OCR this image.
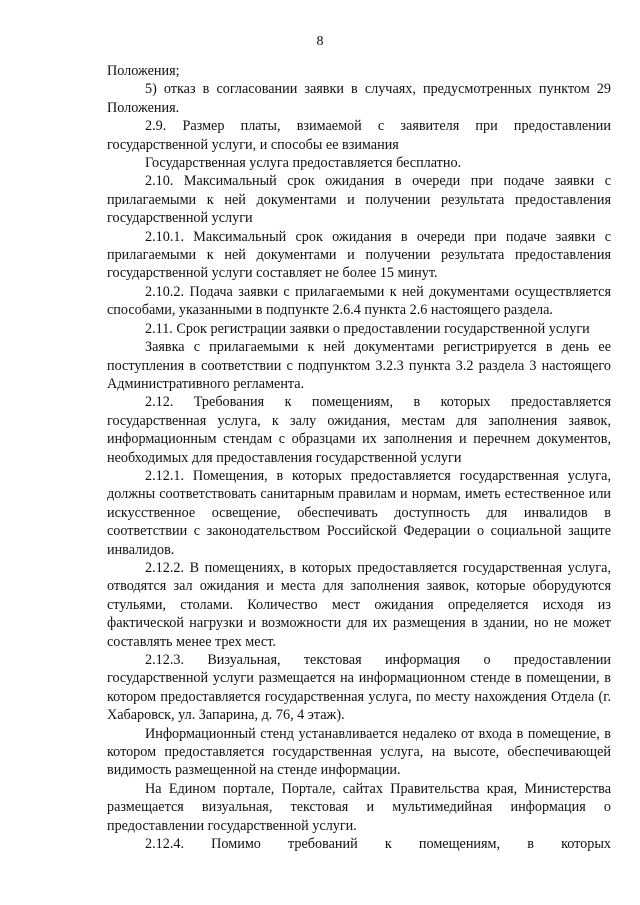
8

Положения;

5) отказ в согласовании заявки в случаях, предусмотренных пунктом 29 Положения.

2.9. Размер платы, взимаемой с заявителя при предоставлении государственной услуги, и способы ее взимания

Государственная услуга предоставляется бесплатно.

2.10. Максимальный срок ожидания в очереди при подаче заявки с прилагаемыми к ней документами и получении результата предоставления государственной услуги

2.10.1. Максимальный срок ожидания в очереди при подаче заявки с прилагаемыми к ней документами и получении результата предоставления государственной услуги составляет не более 15 минут.

2.10.2. Подача заявки с прилагаемыми к ней документами осуществляется способами, указанными в подпункте 2.6.4 пункта 2.6 настоящего раздела.

2.11. Срок регистрации заявки о предоставлении государственной услуги

Заявка с прилагаемыми к ней документами регистрируется в день ее поступления в соответствии с подпунктом 3.2.3 пункта 3.2 раздела 3 настоящего Административного регламента.

2.12. Требования к помещениям, в которых предоставляется государственная услуга, к залу ожидания, местам для заполнения заявок, информационным стендам с образцами их заполнения и перечнем документов, необходимых для предоставления государственной услуги

2.12.1. Помещения, в которых предоставляется государственная услуга, должны соответствовать санитарным правилам и нормам, иметь естественное или искусственное освещение, обеспечивать доступность для инвалидов в соответствии с законодательством Российской Федерации о социальной защите инвалидов.

2.12.2. В помещениях, в которых предоставляется государственная услуга, отводятся зал ожидания и места для заполнения заявок, которые оборудуются стульями, столами. Количество мест ожидания определяется исходя из фактической нагрузки и возможности для их размещения в здании, но не может составлять менее трех мест.

2.12.3. Визуальная, текстовая информация о предоставлении государственной услуги размещается на информационном стенде в помещении, в котором предоставляется государственная услуга, по месту нахождения Отдела (г. Хабаровск, ул. Запарина, д. 76, 4 этаж).

Информационный стенд устанавливается недалеко от входа в помещение, в котором предоставляется государственная услуга, на высоте, обеспечивающей видимость размещенной на стенде информации.

На Едином портале, Портале, сайтах Правительства края, Министерства размещается визуальная, текстовая и мультимедийная информация о предоставлении государственной услуги.

2.12.4. Помимо требований к помещениям, в которых
